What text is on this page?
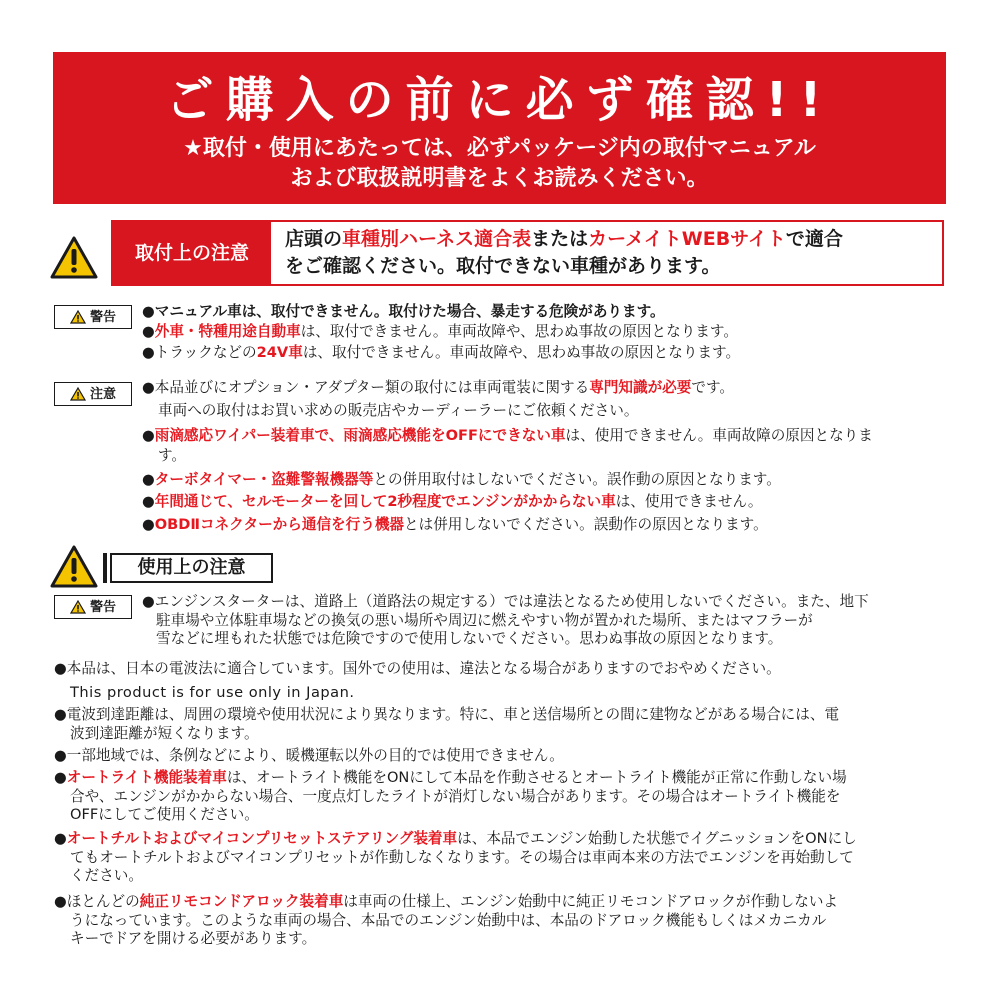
ご購入の前に必ず確認!!
★取付・使用にあたっては、必ずパッケージ内の取付マニュアル
および取扱説明書をよくお読みください。
取付上の注意
店頭の車種別ハーネス適合表またはカーメイトWEBサイトで適合
をご確認ください。取付できない車種があります。
警告 ●マニュアル車は、取付できません。取付けた場合、暴走する危険があります。
●外車・特種用途自動車は、取付できません。車両故障や、思わぬ事故の原因となります。
●トラックなどの24V車は、取付できません。車両故障や、思わぬ事故の原因となります。
注意 ●本品並びにオプション・アダプター類の取付には車両電装に関する専門知識が必要です。
車両への取付はお買い求めの販売店やカーディーラーにご依頼ください。
●雨滴感応ワイパー装着車で、雨滴感応機能をOFFにできない車は、使用できません。車両故障の原因となりま
す。
●ターボタイマー・盗難警報機器等との併用取付はしないでください。誤作動の原因となります。
●年間通じて、セルモーターを回して2秒程度でエンジンがかからない車は、使用できません。
●OBDⅡコネクターから通信を行う機器とは併用しないでください。誤動作の原因となります。
使用上の注意
警告 ●エンジンスターターは、道路上（道路法の規定する）では違法となるため使用しないでください。また、地下
駐車場や立体駐車場などの換気の悪い場所や周辺に燃えやすい物が置かれた場所、またはマフラーが
雪などに埋もれた状態では危険ですので使用しないでください。思わぬ事故の原因となります。
●本品は、日本の電波法に適合しています。国外での使用は、違法となる場合がありますのでおやめください。
This product is for use only in Japan.
●電波到達距離は、周囲の環境や使用状況により異なります。特に、車と送信場所との間に建物などがある場合には、電
波到達距離が短くなります。
●一部地域では、条例などにより、暖機運転以外の目的では使用できません。
●オートライト機能装着車は、オートライト機能をONにして本品を作動させるとオートライト機能が正常に作動しない場
合や、エンジンがかからない場合、一度点灯したライトが消灯しない場合があります。その場合はオートライト機能を
OFFにしてご使用ください。
●オートチルトおよびマイコンプリセットステアリング装着車は、本品でエンジン始動した状態でイグニッションをONにし
てもオートチルトおよびマイコンプリセットが作動しなくなります。その場合は車両本来の方法でエンジンを再始動して
ください。
●ほとんどの純正リモコンドアロック装着車は車両の仕様上、エンジン始動中に純正リモコンドアロックが作動しないよ
うになっています。このような車両の場合、本品でのエンジン始動中は、本品のドアロック機能もしくはメカニカル
キーでドアを開ける必要があります。
